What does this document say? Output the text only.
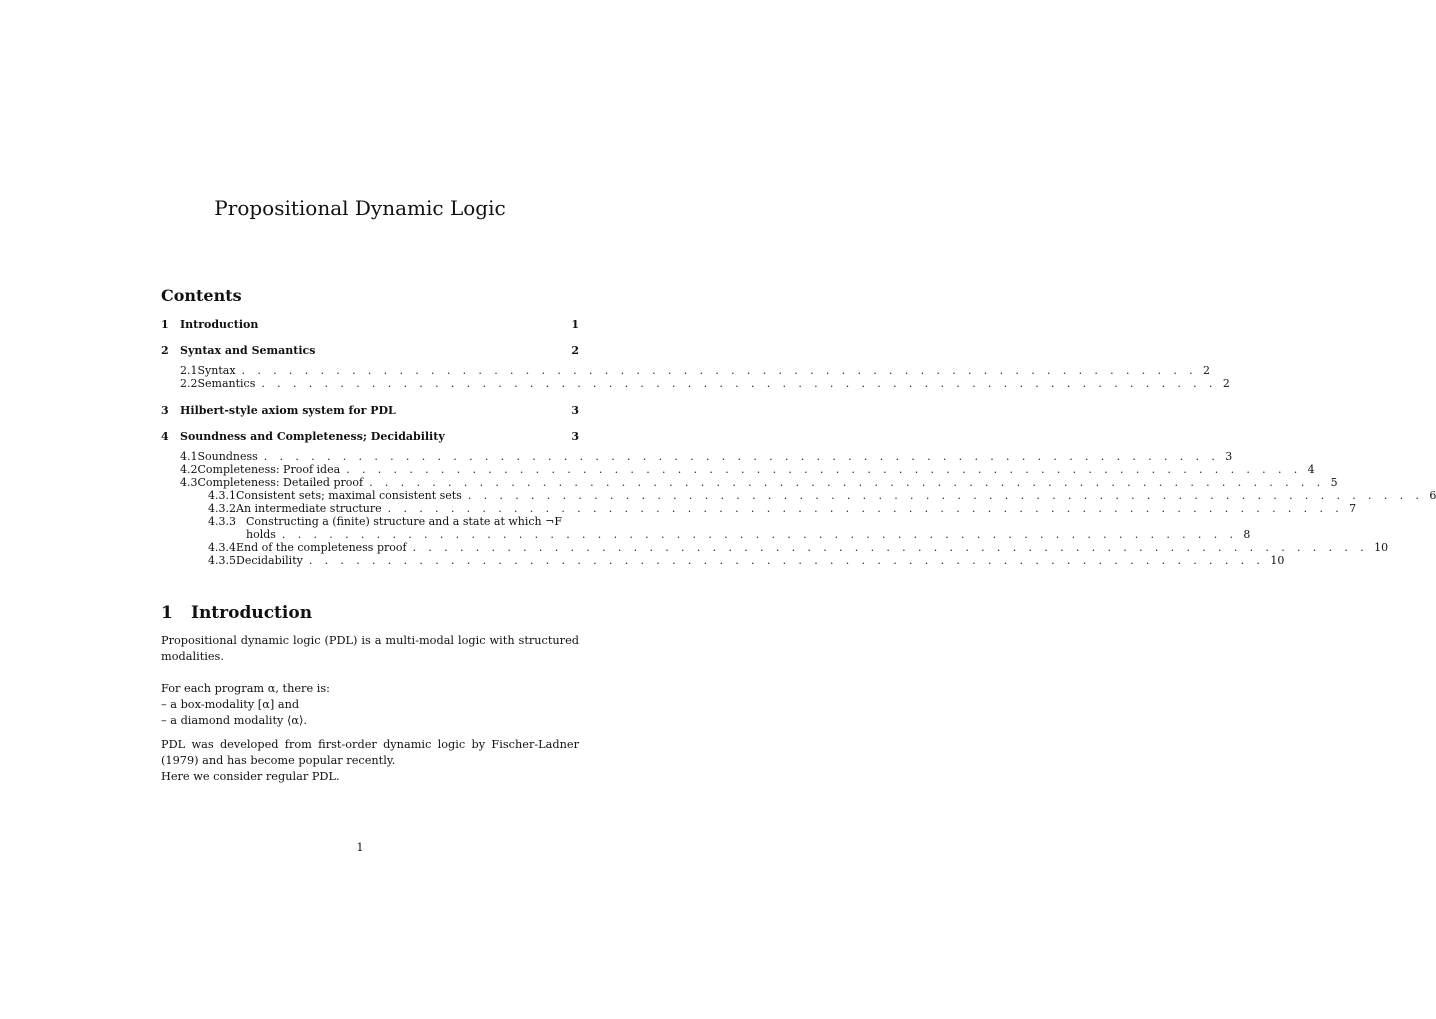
Propositional Dynamic Logic
Contents
1	Introduction	1
2	Syntax and Semantics	2
2.1 Syntax . . . . . . . . . . . . . . . . . . . . . . . . . . . . . . . . . . . . . . . . . . . . . . . . . . . . . . . . . . . . . 2
2.2 Semantics . . . . . . . . . . . . . . . . . . . . . . . . . . . . . . . . . . . . . . . . . . . . . . . . . . . . . . . . . . . . . 2
3	Hilbert-style axiom system for PDL	3
4	Soundness and Completeness; Decidability	3
4.1 Soundness . . . . . . . . . . . . . . . . . . . . . . . . . . . . . . . . . . . . . . . . . . . . . . . . . . . . . . . . . . . . . 3
4.2 Completeness: Proof idea . . . . . . . . . . . . . . . . . . . . . . . . . . . . . . . . . . . . . . . . . . . . . . . . . . . . . . . . . . . . . 4
4.3 Completeness: Detailed proof . . . . . . . . . . . . . . . . . . . . . . . . . . . . . . . . . . . . . . . . . . . . . . . . . . . . . . . . . . . . . 5
4.3.1 Consistent sets; maximal consistent sets . . . . . . . . . . . . . . . . . . . . . . . . . . . . . . . . . . . . . . . . . . . . . . . . . . . . . . . . . . . . . 6
4.3.2 An intermediate structure . . . . . . . . . . . . . . . . . . . . . . . . . . . . . . . . . . . . . . . . . . . . . . . . . . . . . . . . . . . . . 7
4.3.3 Constructing a (finite) structure and a state at which ¬F
holds . . . . . . . . . . . . . . . . . . . . . . . . . . . . . . . . . . . . . . . . . . . . . . . . . . . . . . . . . . . . . 8
4.3.4 End of the completeness proof . . . . . . . . . . . . . . . . . . . . . . . . . . . . . . . . . . . . . . . . . . . . . . . . . . . . . . . . . . . . . 10
4.3.5 Decidability . . . . . . . . . . . . . . . . . . . . . . . . . . . . . . . . . . . . . . . . . . . . . . . . . . . . . . . . . . . . . 10
1 Introduction
Propositional dynamic logic (PDL) is a multi-modal logic with structured modalities.
For each program α, there is:
– a box-modality [α] and
– a diamond modality ⟨α⟩.
PDL was developed from first-order dynamic logic by Fischer-Ladner (1979) and has become popular recently.
Here we consider regular PDL.
1
